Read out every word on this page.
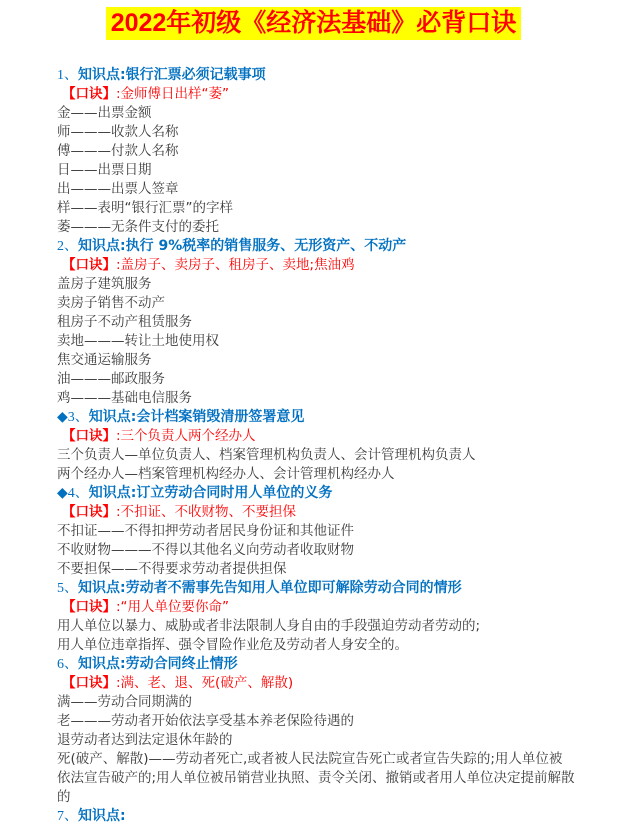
2022年初级《经济法基础》必背口诀
1、知识点:银行汇票必须记载事项
【口诀】:金师傅日出样“萎”
金——出票金额
师———收款人名称
傅———付款人名称
日——出票日期
出———出票人签章
样——表明“银行汇票”的字样
萎———无条件支付的委托
2、知识点:执行 9%税率的销售服务、无形资产、不动产
【口诀】:盖房子、卖房子、租房子、卖地;焦油鸡
盖房子建筑服务
卖房子销售不动产
租房子不动产租赁服务
卖地———转让土地使用权
焦交通运输服务
油———邮政服务
鸡———基础电信服务
◆3、知识点:会计档案销毁清册签署意见
【口诀】:三个负责人两个经办人
三个负责人—单位负责人、档案管理机构负责人、会计管理机构负责人
两个经办人—档案管理机构经办人、会计管理机构经办人
◆4、知识点:订立劳动合同时用人单位的义务
【口诀】:不扣证、不收财物、不要担保
不扣证——不得扣押劳动者居民身份证和其他证件
不收财物———不得以其他名义向劳动者收取财物
不要担保——不得要求劳动者提供担保
5、知识点:劳动者不需事先告知用人单位即可解除劳动合同的情形
【口诀】:“用人单位要你命”
用人单位以暴力、威胁或者非法限制人身自由的手段强迫劳动者劳动的;
用人单位违章指挥、强令冒险作业危及劳动者人身安全的。
6、知识点:劳动合同终止情形
【口诀】:满、老、退、死(破产、解散)
满——劳动合同期满的
老———劳动者开始依法享受基本养老保险待遇的
退劳动者达到法定退休年龄的
死(破产、解散)——劳动者死亡,或者被人民法院宣告死亡或者宣告失踪的;用人单位被依法宣告破产的;用人单位被吊销营业执照、责令关闭、撤销或者用人单位决定提前解散的
7、知识点:
